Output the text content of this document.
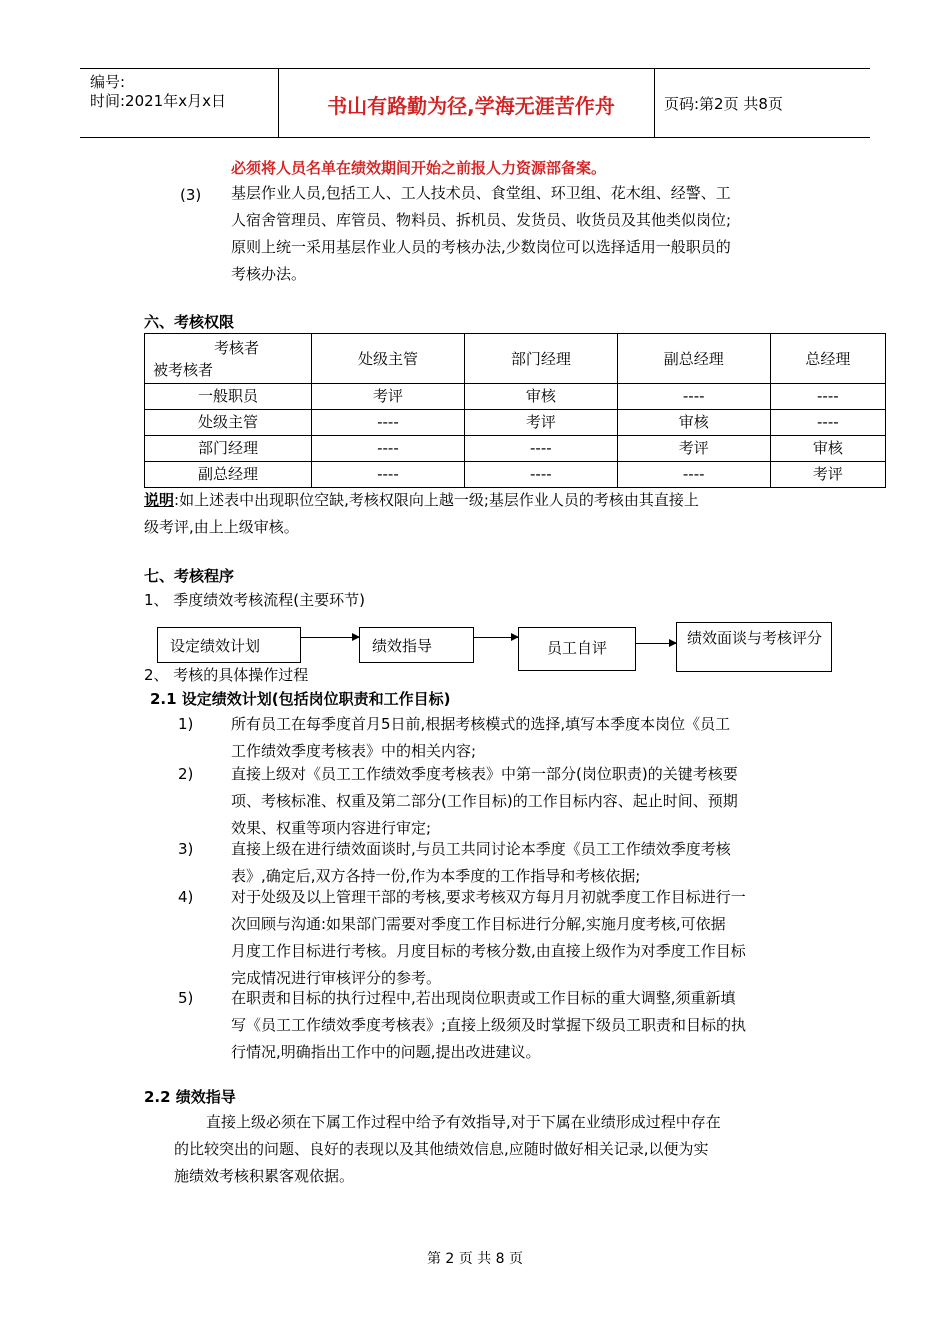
编号:
时间:2021年x月x日	书山有路勤为径,学海无涯苦作舟	页码:第2页 共8页
必须将人员名单在绩效期间开始之前报人力资源部备案。
(3) 基层作业人员,包括工人、工人技术员、食堂组、环卫组、花木组、经警、工
人宿舍管理员、库管员、物料员、拆机员、发货员、收货员及其他类似岗位;
原则上统一采用基层作业人员的考核办法,少数岗位可以选择适用一般职员的
考核办法。
六、考核权限
考核者
被考核者	处级主管	部门经理	副总经理	总经理
一般职员	考评	审核	----	----
处级主管	----	考评	审核	----
部门经理	----	----	考评	审核
副总经理	----	----	----	考评
说明:如上述表中出现职位空缺,考核权限向上越一级;基层作业人员的考核由其直接上
级考评,由上上级审核。
七、考核程序
1、 季度绩效考核流程(主要环节)
设定绩效计划	绩效指导	员工自评
绩效面谈与考核评分
2、 考核的具体操作过程
2.1 设定绩效计划(包括岗位职责和工作目标)
1)	所有员工在每季度首月5日前,根据考核模式的选择,填写本季度本岗位《员工
工作绩效季度考核表》中的相关内容;
2)	直接上级对《员工工作绩效季度考核表》中第一部分(岗位职责)的关键考核要
项、考核标准、权重及第二部分(工作目标)的工作目标内容、起止时间、预期
效果、权重等项内容进行审定;
3)	直接上级在进行绩效面谈时,与员工共同讨论本季度《员工工作绩效季度考核
表》,确定后,双方各持一份,作为本季度的工作指导和考核依据;
4)	对于处级及以上管理干部的考核,要求考核双方每月月初就季度工作目标进行一
次回顾与沟通:如果部门需要对季度工作目标进行分解,实施月度考核,可依据
月度工作目标进行考核。月度目标的考核分数,由直接上级作为对季度工作目标
完成情况进行审核评分的参考。
5)	在职责和目标的执行过程中,若出现岗位职责或工作目标的重大调整,须重新填
写《员工工作绩效季度考核表》;直接上级须及时掌握下级员工职责和目标的执
行情况,明确指出工作中的问题,提出改进建议。
2.2 绩效指导
直接上级必须在下属工作过程中给予有效指导,对于下属在业绩形成过程中存在
的比较突出的问题、良好的表现以及其他绩效信息,应随时做好相关记录,以便为实
施绩效考核积累客观依据。
第 2 页 共 8 页
